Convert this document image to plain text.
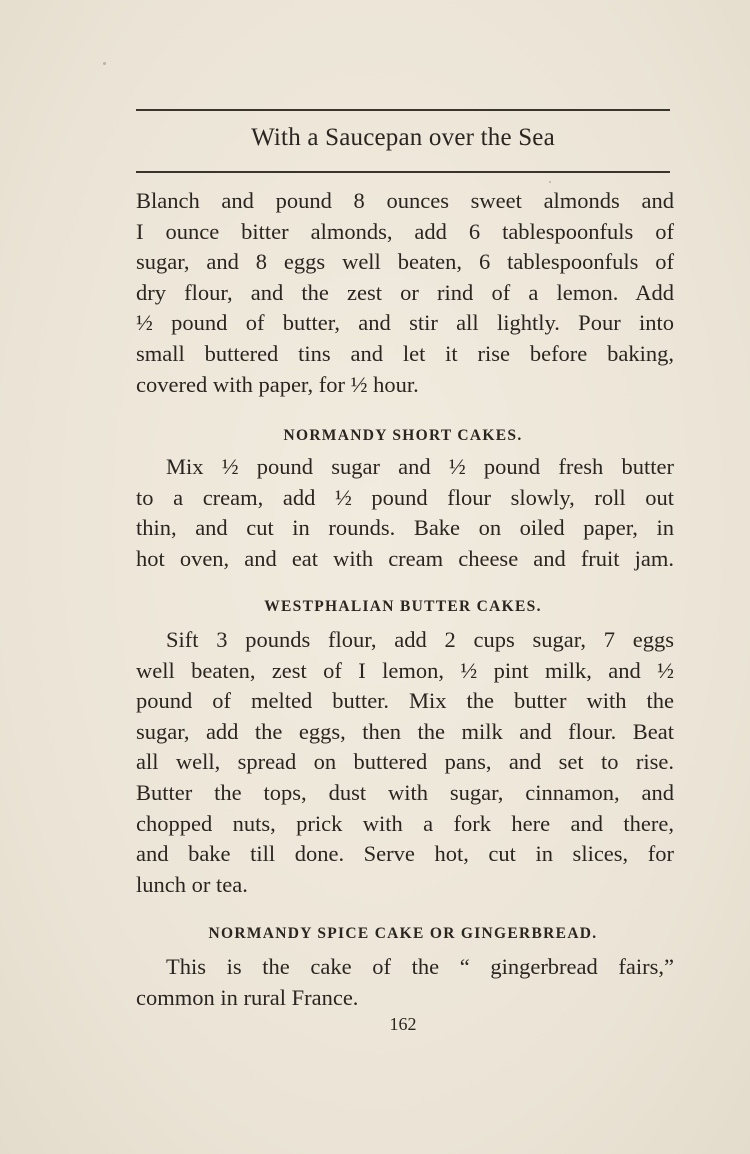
With a Saucepan over the Sea
Blanch and pound 8 ounces sweet almonds and
I ounce bitter almonds, add 6 tablespoonfuls of
sugar, and 8 eggs well beaten, 6 tablespoonfuls of
dry flour, and the zest or rind of a lemon. Add
½ pound of butter, and stir all lightly. Pour into
small buttered tins and let it rise before baking,
covered with paper, for ½ hour.
NORMANDY SHORT CAKES.
Mix ½ pound sugar and ½ pound fresh butter
to a cream, add ½ pound flour slowly, roll out
thin, and cut in rounds. Bake on oiled paper, in
hot oven, and eat with cream cheese and fruit jam.
WESTPHALIAN BUTTER CAKES.
Sift 3 pounds flour, add 2 cups sugar, 7 eggs
well beaten, zest of I lemon, ½ pint milk, and ½
pound of melted butter. Mix the butter with the
sugar, add the eggs, then the milk and flour. Beat
all well, spread on buttered pans, and set to rise.
Butter the tops, dust with sugar, cinnamon, and
chopped nuts, prick with a fork here and there,
and bake till done. Serve hot, cut in slices, for
lunch or tea.
NORMANDY SPICE CAKE OR GINGERBREAD.
This is the cake of the “ gingerbread fairs,”
common in rural France.
162
